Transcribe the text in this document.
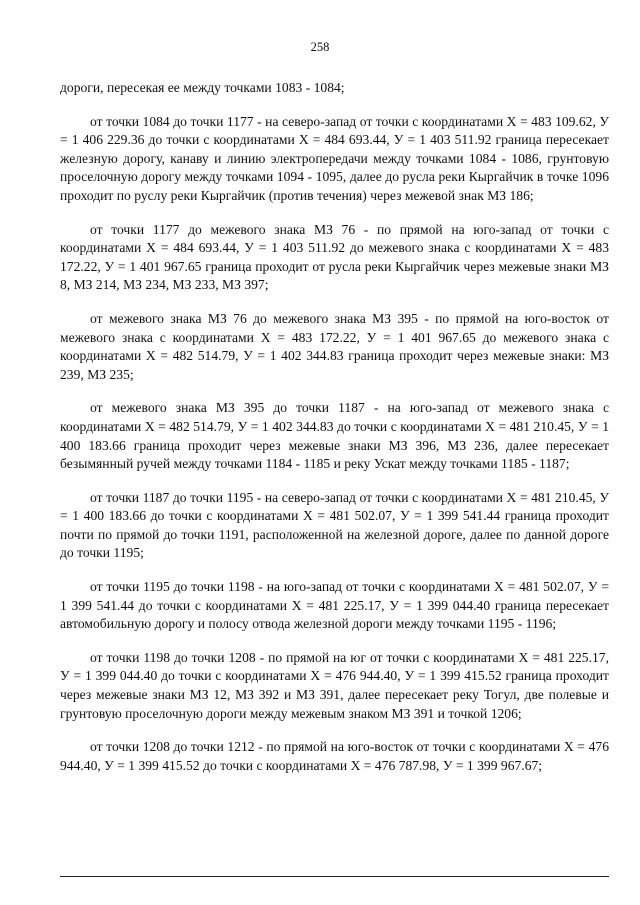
258

дороги, пересекая ее между точками 1083 - 1084;

от точки 1084 до точки 1177 - на северо-запад от точки с координатами Х = 483 109.62, У = 1 406 229.36 до точки с координатами Х = 484 693.44, У = 1 403 511.92 граница пересекает железную дорогу, канаву и линию электропередачи между точками 1084 - 1086, грунтовую проселочную дорогу между точками 1094 - 1095, далее до русла реки Кыргайчик в точке 1096 проходит по руслу реки Кыргайчик (против течения) через межевой знак МЗ 186;

от точки 1177 до межевого знака МЗ 76 - по прямой на юго-запад от точки с координатами Х = 484 693.44, У = 1 403 511.92 до межевого знака с координатами Х = 483 172.22, У = 1 401 967.65 граница проходит от русла реки Кыргайчик через межевые знаки МЗ 8, МЗ 214, МЗ 234, МЗ 233, МЗ 397;

от межевого знака МЗ 76 до межевого знака МЗ 395 - по прямой на юго-восток от межевого знака с координатами Х = 483 172.22, У = 1 401 967.65 до межевого знака с координатами Х = 482 514.79, У = 1 402 344.83 граница проходит через межевые знаки: МЗ 239, МЗ 235;

от межевого знака МЗ 395 до точки 1187 - на юго-запад от межевого знака с координатами Х = 482 514.79, У = 1 402 344.83 до точки с координатами Х = 481 210.45, У = 1 400 183.66 граница проходит через межевые знаки МЗ 396, МЗ 236, далее пересекает безымянный ручей между точками 1184 - 1185 и реку Ускат между точками 1185 - 1187;

от точки 1187 до точки 1195 - на северо-запад от точки с координатами Х = 481 210.45, У = 1 400 183.66 до точки с координатами Х = 481 502.07, У = 1 399 541.44 граница проходит почти по прямой до точки 1191, расположенной на железной дороге, далее по данной дороге до точки 1195;

от точки 1195 до точки 1198 - на юго-запад от точки с координатами Х = 481 502.07, У = 1 399 541.44 до точки с координатами Х = 481 225.17, У = 1 399 044.40 граница пересекает автомобильную дорогу и полосу отвода железной дороги между точками 1195 - 1196;

от точки 1198 до точки 1208 - по прямой на юг от точки с координатами Х = 481 225.17, У = 1 399 044.40 до точки с координатами Х = 476 944.40, У = 1 399 415.52 граница проходит через межевые знаки МЗ 12, МЗ 392 и МЗ 391, далее пересекает реку Тогул, две полевые и грунтовую проселочную дороги между межевым знаком МЗ 391 и точкой 1206;

от точки 1208 до точки 1212 - по прямой на юго-восток от точки с координатами Х = 476 944.40, У = 1 399 415.52 до точки с координатами Х = 476 787.98, У = 1 399 967.67;
